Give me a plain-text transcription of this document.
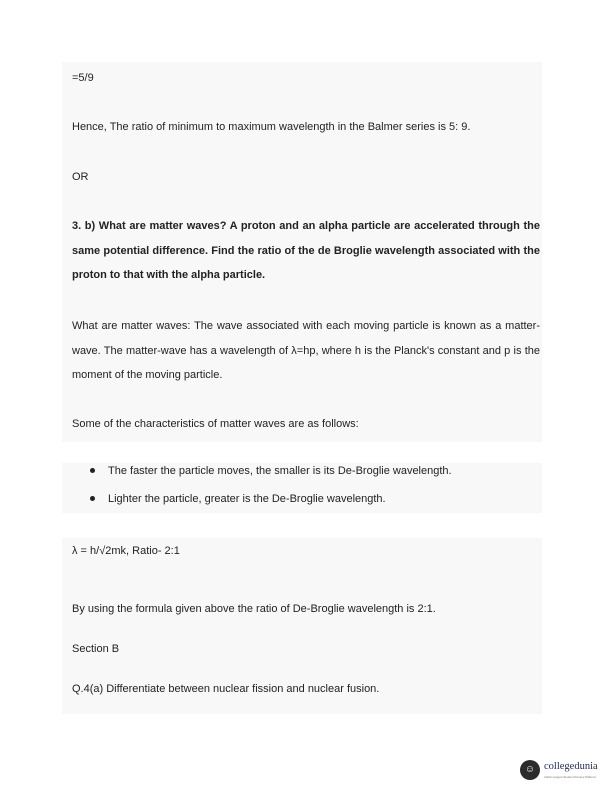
=5/9

Hence, The ratio of minimum to maximum wavelength in the Balmer series is 5: 9.

OR

3. b) What are matter waves? A proton and an alpha particle are accelerated through the same potential difference. Find the ratio of the de Broglie wavelength associated with the proton to that with the alpha particle.

What are matter waves: The wave associated with each moving particle is known as a matter-wave. The matter-wave has a wavelength of λ=hp, where h is the Planck's constant and p is the moment of the moving particle.

Some of the characteristics of matter waves are as follows:

The faster the particle moves, the smaller is its De-Broglie wavelength.
Lighter the particle, greater is the De-Broglie wavelength.

λ = h/√2mk, Ratio- 2:1

By using the formula given above the ratio of De-Broglie wavelength is 2:1.

Section B

Q.4(a) Differentiate between nuclear fission and nuclear fusion.

☺ collegedunia
India's largest Student Review Platform
